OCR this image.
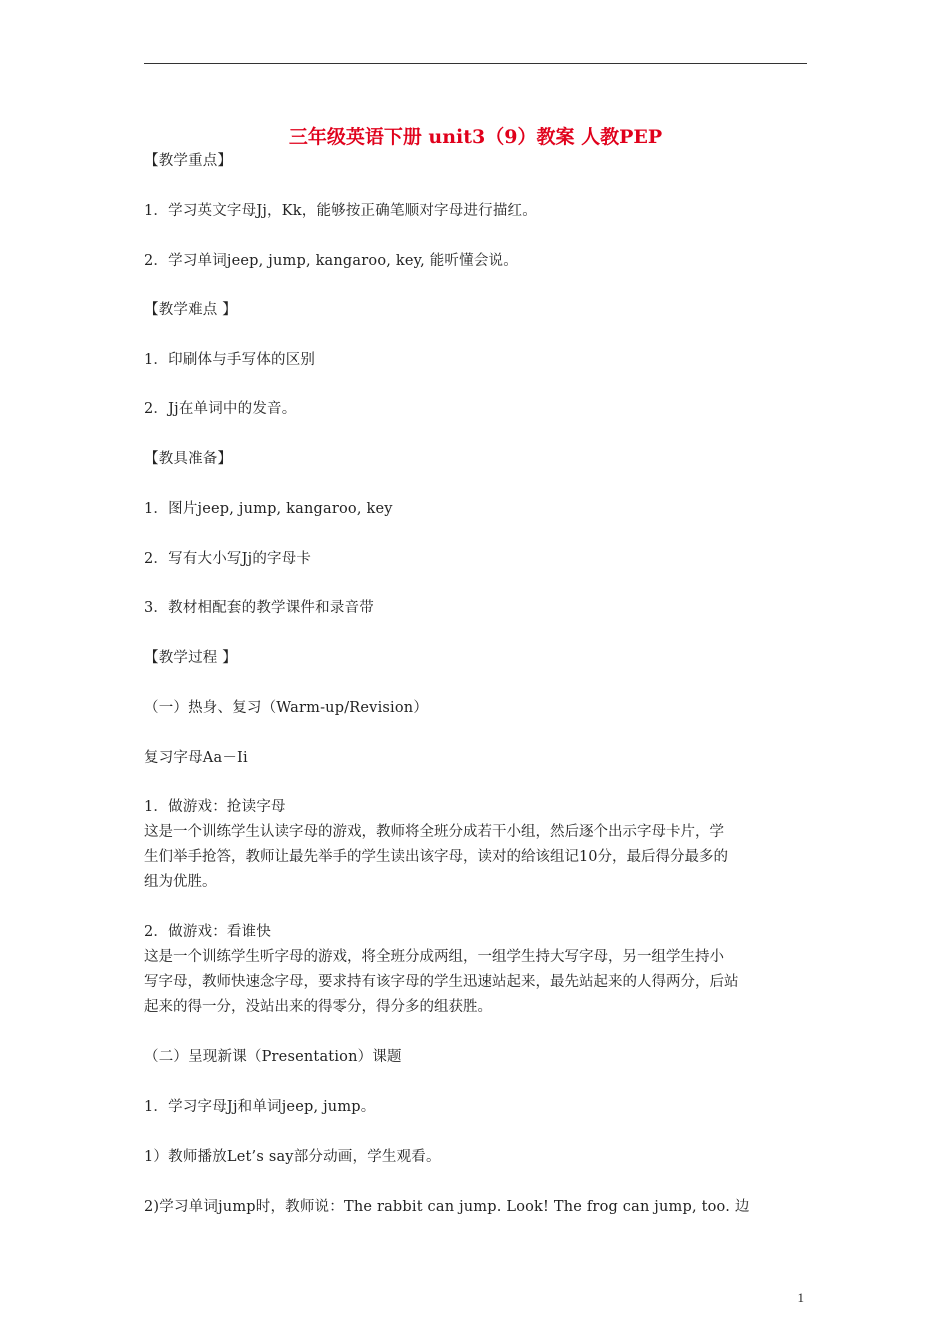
三年级英语下册 unit3（9）教案 人教PEP
【教学重点】
1．学习英文字母Jj，Kk，能够按正确笔顺对字母进行描红。
2．学习单词jeep, jump, kangaroo, key, 能听懂会说。
【教学难点 】
1．印刷体与手写体的区别
2．Jj在单词中的发音。
【教具准备】
1．图片jeep, jump, kangaroo, key
2．写有大小写Jj的字母卡
3．教材相配套的教学课件和录音带
【教学过程 】
（一）热身、复习（Warm-up/Revision）
复习字母Aa－Ii
1．做游戏：抢读字母
这是一个训练学生认读字母的游戏，教师将全班分成若干小组，然后逐个出示字母卡片，学
生们举手抢答，教师让最先举手的学生读出该字母，读对的给该组记10分，最后得分最多的
组为优胜。
2．做游戏：看谁快
这是一个训练学生听字母的游戏，将全班分成两组，一组学生持大写字母，另一组学生持小
写字母，教师快速念字母，要求持有该字母的学生迅速站起来，最先站起来的人得两分，后站
起来的得一分，没站出来的得零分，得分多的组获胜。
（二）呈现新课（Presentation）课题
1．学习字母Jj和单词jeep, jump。
1）教师播放Let’s say部分动画，学生观看。
2)学习单词jump时，教师说：The rabbit can jump. Look! The frog can jump, too. 边
1
